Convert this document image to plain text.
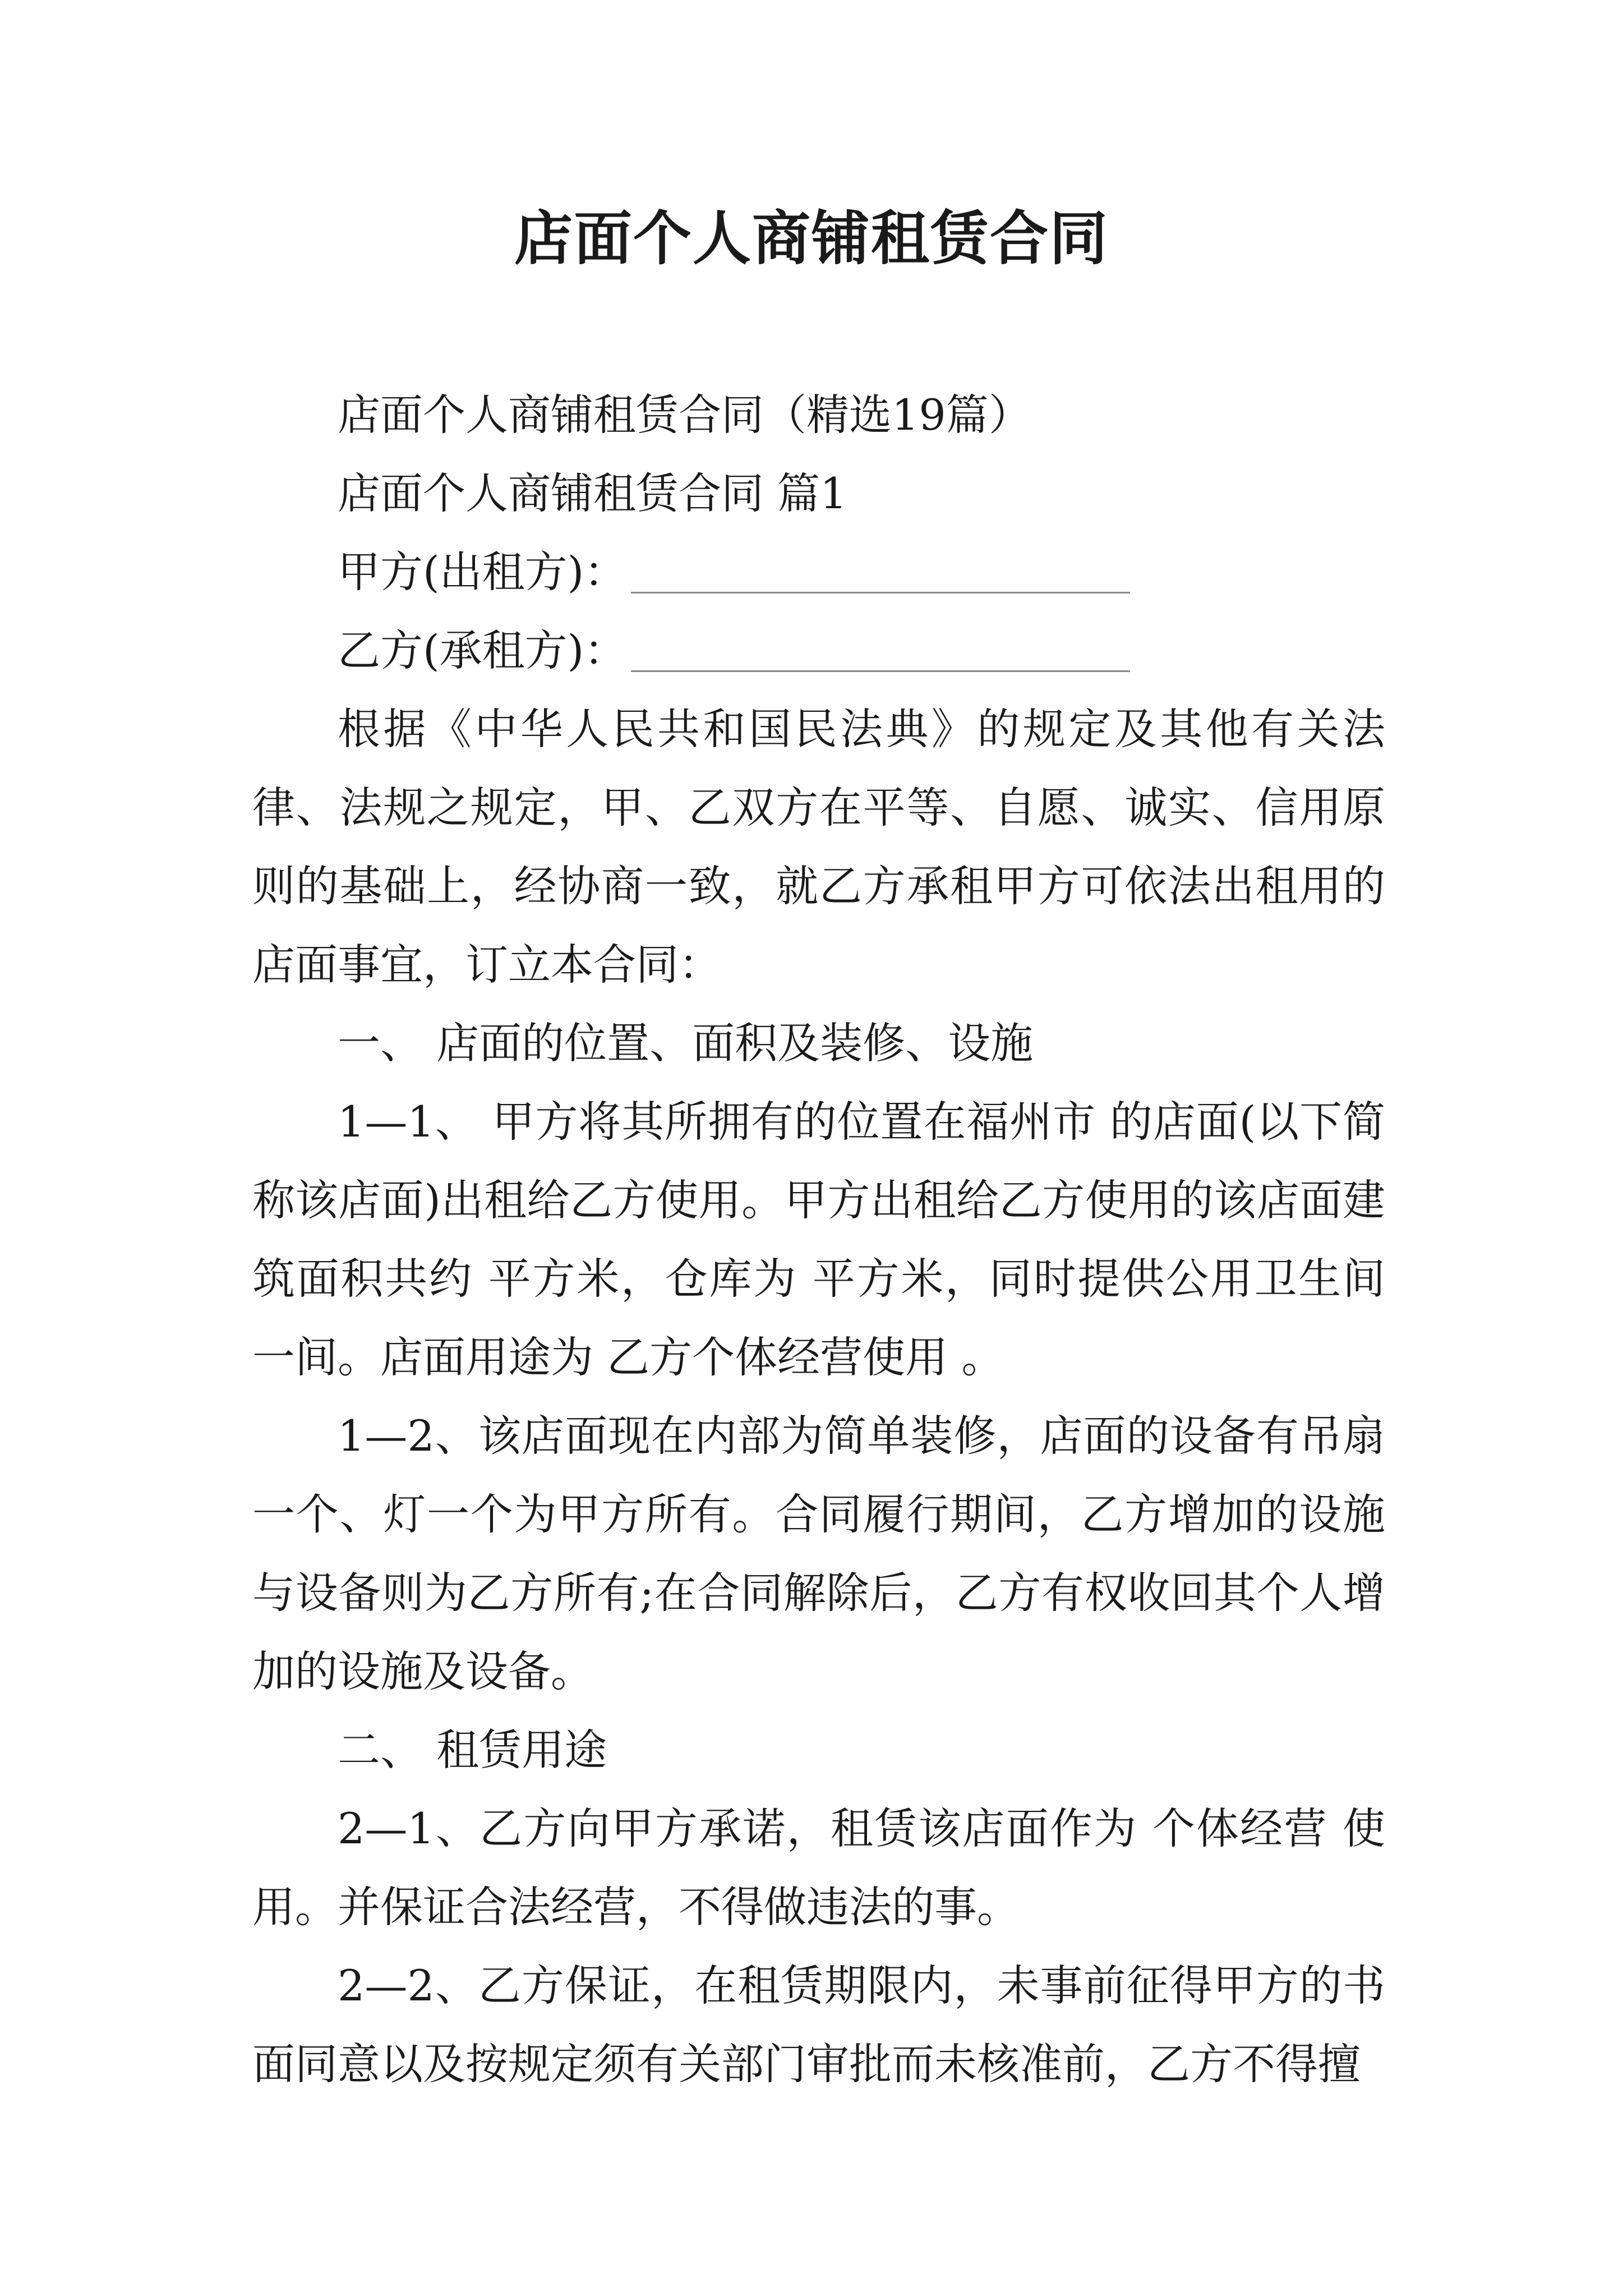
店面个人商铺租赁合同

店面个人商铺租赁合同（精选19篇）

店面个人商铺租赁合同 篇1

甲方(出租方)：

乙方(承租方)：

根据《中华人民共和国民法典》的规定及其他有关法律、法规之规定，甲、乙双方在平等、自愿、诚实、信用原则的基础上，经协商一致，就乙方承租甲方可依法出租用的店面事宜，订立本合同：

一、 店面的位置、面积及装修、设施

1—1、 甲方将其所拥有的位置在福州市 的店面(以下简称该店面)出租给乙方使用。甲方出租给乙方使用的该店面建筑面积共约 平方米，仓库为 平方米，同时提供公用卫生间一间。店面用途为 乙方个体经营使用 。

1—2、该店面现在内部为简单装修，店面的设备有吊扇一个、灯一个为甲方所有。合同履行期间，乙方增加的设施与设备则为乙方所有;在合同解除后，乙方有权收回其个人增加的设施及设备。

二、 租赁用途

2—1、乙方向甲方承诺，租赁该店面作为 个体经营 使用。并保证合法经营，不得做违法的事。

2—2、乙方保证，在租赁期限内，未事前征得甲方的书面同意以及按规定须有关部门审批而未核准前，乙方不得擅
